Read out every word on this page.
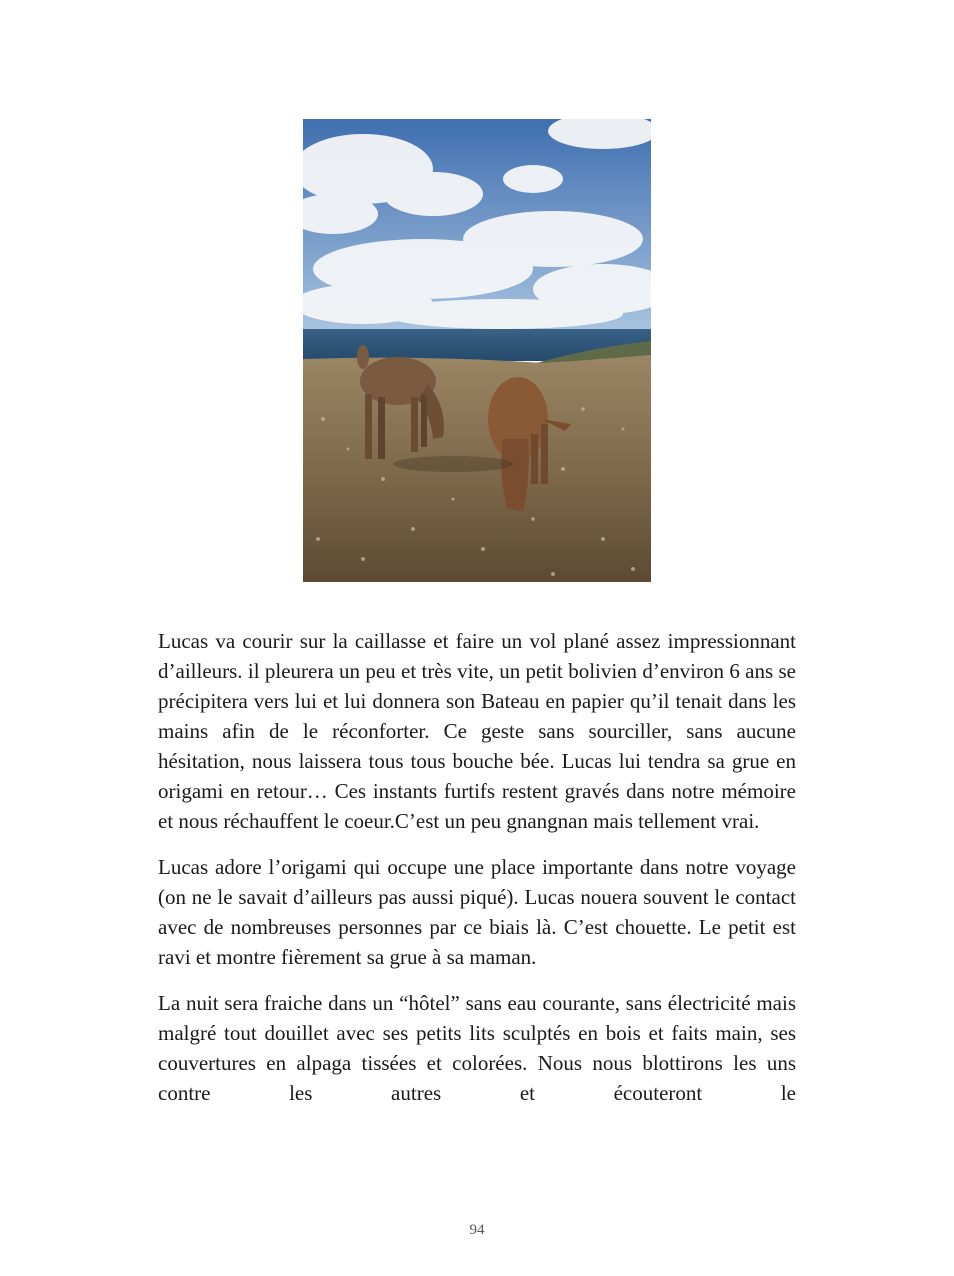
Lucas va courir sur la caillasse et faire un vol plané assez impressionnant d’ailleurs. il pleurera un peu et très vite, un petit bolivien d’environ 6 ans se précipitera vers lui et lui donnera son Bateau en papier qu’il tenait dans les mains afin de le réconforter. Ce geste sans sourciller, sans aucune hésitation, nous laissera tous tous bouche bée. Lucas lui tendra sa grue en origami en retour… Ces instants furtifs restent gravés dans notre mémoire et nous réchauffent le coeur.C’est un peu gnangnan mais tellement vrai.

Lucas adore l’origami qui occupe une place importante dans notre voyage (on ne le savait d’ailleurs pas aussi piqué). Lucas nouera souvent le contact avec de nombreuses personnes par ce biais là. C’est chouette. Le petit est ravi et montre fièrement sa grue à sa maman.

La nuit sera fraiche dans un “hôtel” sans eau courante, sans électricité mais malgré tout douillet avec ses petits lits sculptés en bois et faits main, ses couvertures en alpaga tissées et colorées. Nous nous blottirons les uns contre les autres et écouteront le

94
